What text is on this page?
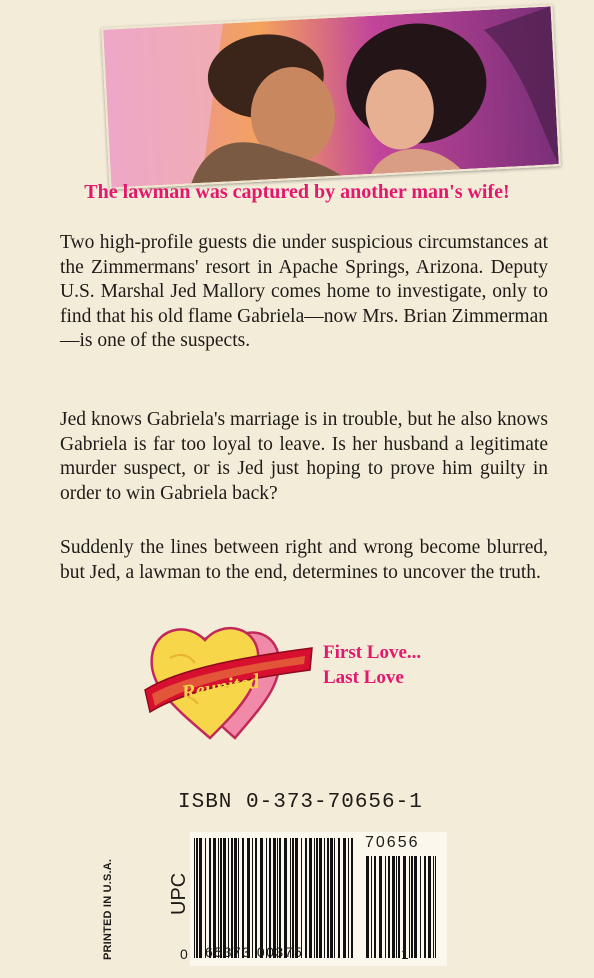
The lawman was captured by another man's wife!

Two high-profile guests die under suspicious circumstances at the Zimmermans' resort in Apache Springs, Arizona. Deputy U.S. Marshal Jed Mallory comes home to investigate, only to find that his old flame Gabriela—now Mrs. Brian Zimmerman—is one of the suspects.

Jed knows Gabriela's marriage is in trouble, but he also knows Gabriela is far too loyal to leave. Is her husband a legitimate murder suspect, or is Jed just hoping to prove him guilty in order to win Gabriela back?

Suddenly the lines between right and wrong become blurred, but Jed, a lawman to the end, determines to uncover the truth.

Reunited
First Love...
Last Love
ISBN 0-373-70656-1
PRINTED IN U.S.A.	UPC
70656
0 65373 00375	1
